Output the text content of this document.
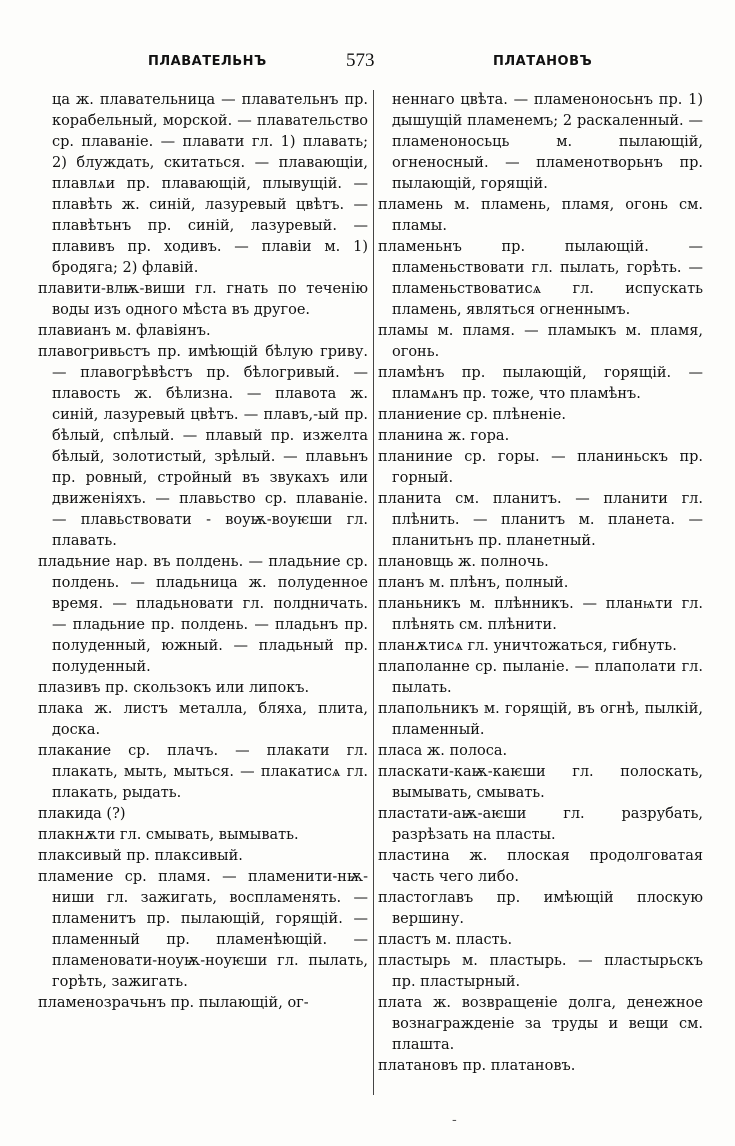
ПЛАВАТЕЛЬНЪ	573	ПЛАТАНОВЪ

ца ж. плавательница — плавательнъ пр. корабельный, морской. — плавательство ср. плаваніе. — плавати гл. 1) плавать; 2) блуждать, скитаться. — плавающіи, плавлѧи пр. плавающій, плывущій. — плавѣть ж. синій, лазуревый цвѣтъ. — плавѣтьнъ пр. синій, лазуревый. — плавивъ пр. ходивъ. — плавіи м. 1) бродяга; 2) флавій.

плавити-влѭ-виши гл. гнать по теченію воды изъ одного мѣста въ другое.

плавианъ м. флавіянъ.

плавогривьстъ пр. имѣющій бѣлую гриву. — плавогрѣвѣстъ пр. бѣлогривый. — плавость ж. бѣлизна. — плавота ж. синій, лазуревый цвѣтъ. — плавъ,-ый пр. бѣлый, спѣлый. — плавый пр. изжелта бѣлый, золотистый, зрѣлый. — плавьнъ пр. ровный, стройный въ звукахъ или движеніяхъ. — плавьство ср. плаваніе. — плавьствовати - воуѭ-воуѥши гл. плавать.

пладьние нар. въ полдень. — пладьние ср. полдень. — пладьница ж. полуденное время. — пладьновати гл. полдничать. — пладьние пр. полдень. — пладьнъ пр. полуденный, южный. — пладьный пр. полуденный.

плазивъ пр. скользокъ или липокъ.

плака ж. листъ металла, бляха, плита, доска.

плакание ср. плачъ. — плакати гл. плакать, мыть, мыться. — плакатисѧ гл. плакать, рыдать.

плакида (?)

плакнѫти гл. смывать, вымывать.

плаксивый пр. плаксивый.

пламение ср. пламя. — пламенити-нѭ-ниши гл. зажигать, воспламенять. — пламенитъ пр. пылающій, горящій. — пламенный пр. пламенѣющій. — пламеновати-ноуѭ-ноуѥши гл. пылать, горѣть, зажигать.

пламенозрачьнъ пр. пылающій, ог-

неннаго цвѣта. — пламеноносьнъ пр. 1) дышущій пламенемъ; 2 раскаленный. — пламеноносьць м. пылающій, огненосный. — пламенотворьнъ пр. пылающій, горящій.

пламень м. пламень, пламя, огонь см. пламы.

пламеньнъ пр. пылающій. — пламеньствовати гл. пылать, горѣть. — пламеньствоватисѧ гл. испускать пламень, являться огненнымъ.

пламы м. пламя. — пламыкъ м. пламя, огонь.

пламѣнъ пр. пылающій, горящій. — пламѧнъ пр. тоже, что пламѣнъ.

планиение ср. плѣненіе.

планина ж. гора.

планиние ср. горы. — планиньскъ пр. горный.

планита см. планитъ. — планити гл. плѣнить. — планитъ м. планета. — планитьнъ пр. планетный.

плановщь ж. полночь.

планъ м. плѣнъ, полный.

планьникъ м. плѣнникъ. — планѩти гл. плѣнять см. плѣнити.

планѫтисѧ гл. уничтожаться, гибнуть.

плаполанне ср. пыланіе. — плаполати гл. пылать.

плапольникъ м. горящій, въ огнѣ, пылкій, пламенный.

пласа ж. полоса.

пласкати-каѭ-каѥши гл. полоскать, вымывать, смывать.

пластати-аѭ-аѥши гл. разрубать, разрѣзать на пласты.

пластина ж. плоская продолговатая часть чего либо.

пластоглавъ пр. имѣющій плоскую вершину.

пластъ м. пласть.

пластырь м. пластырь. — пластырьскъ пр. пластырный.

плата ж. возвращеніе долга, денежное вознагражденіе за труды и вещи см. плашта.

платановъ пр. платановъ.

-
